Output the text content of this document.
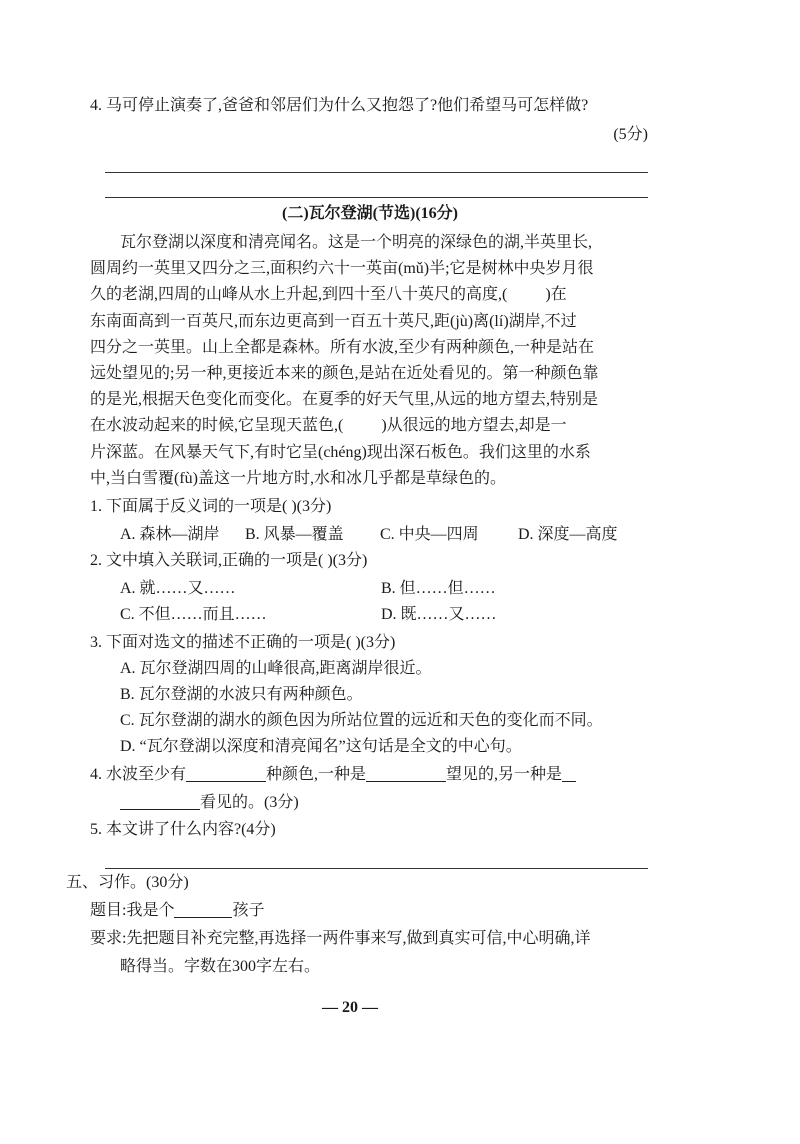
4. 马可停止演奏了,爸爸和邻居们为什么又抱怨了?他们希望马可怎样做?
(5分)
(二)瓦尔登湖(节选)(16分)
瓦尔登湖以深度和清亮闻名。这是一个明亮的深绿色的湖,半英里长,
圆周约一英里又四分之三,面积约六十一英亩(mǔ)半;它是树林中央岁月很
久的老湖,四周的山峰从水上升起,到四十至八十英尺的高度,( )在
东南面高到一百英尺,而东边更高到一百五十英尺,距(jù)离(lí)湖岸,不过
四分之一英里。山上全都是森林。所有水波,至少有两种颜色,一种是站在
远处望见的;另一种,更接近本来的颜色,是站在近处看见的。第一种颜色靠
的是光,根据天色变化而变化。在夏季的好天气里,从远的地方望去,特别是
在水波动起来的时候,它呈现天蓝色,( )从很远的地方望去,却是一
片深蓝。在风暴天气下,有时它呈(chéng)现出深石板色。我们这里的水系
中,当白雪覆(fù)盖这一片地方时,水和冰几乎都是草绿色的。
1. 下面属于反义词的一项是( )(3分)
A. 森林—湖岸 B. 风暴—覆盖 C. 中央—四周 D. 深度—高度
2. 文中填入关联词,正确的一项是( )(3分)
A. 就……又……	B. 但……但……
C. 不但……而且……	D. 既……又……
3. 下面对选文的描述不正确的一项是( )(3分)
A. 瓦尔登湖四周的山峰很高,距离湖岸很近。
B. 瓦尔登湖的水波只有两种颜色。
C. 瓦尔登湖的湖水的颜色因为所站位置的远近和天色的变化而不同。
D. “瓦尔登湖以深度和清亮闻名”这句话是全文的中心句。
4. 水波至少有	种颜色,一种是	望见的,另一种是
看见的。(3分)
5. 本文讲了什么内容?(4分)
五、习作。(30分)
题目:我是个	孩子
要求:先把题目补充完整,再选择一两件事来写,做到真实可信,中心明确,详
略得当。字数在300字左右。
— 20 —
